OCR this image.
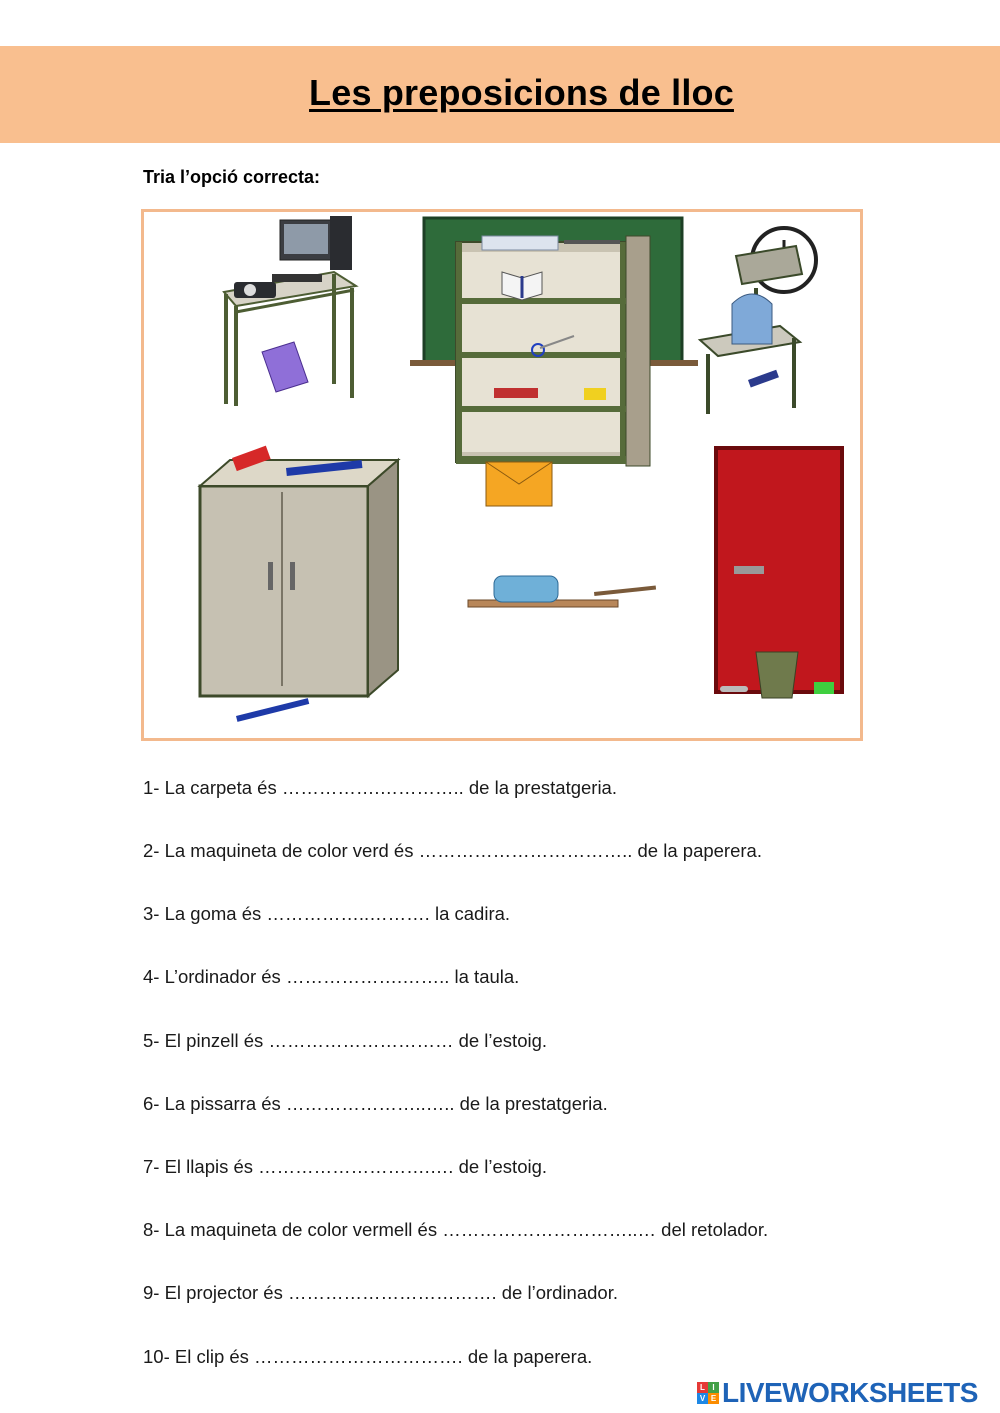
Les preposicions de lloc
Tria l’opció correcta:
1- La carpeta és …………….………….. de la prestatgeria.
2- La maquineta de color verd és …………………………….. de la paperera.
3- La goma és ……………..………. la cadira.
4- L’ordinador és ……………….…….. la taula.
5- El pinzell és ………………………… de l’estoig.
6- La pissarra és …………………..….. de la prestatgeria.
7- El llapis és ……………………….…. de l’estoig.
8- La maquineta de color vermell és …………………………..… del retolador.
9- El projector és ……………………………. de l’ordinador.
10- El clip és ……………………………. de la paperera.
L I
V E LIVEWORKSHEETS
